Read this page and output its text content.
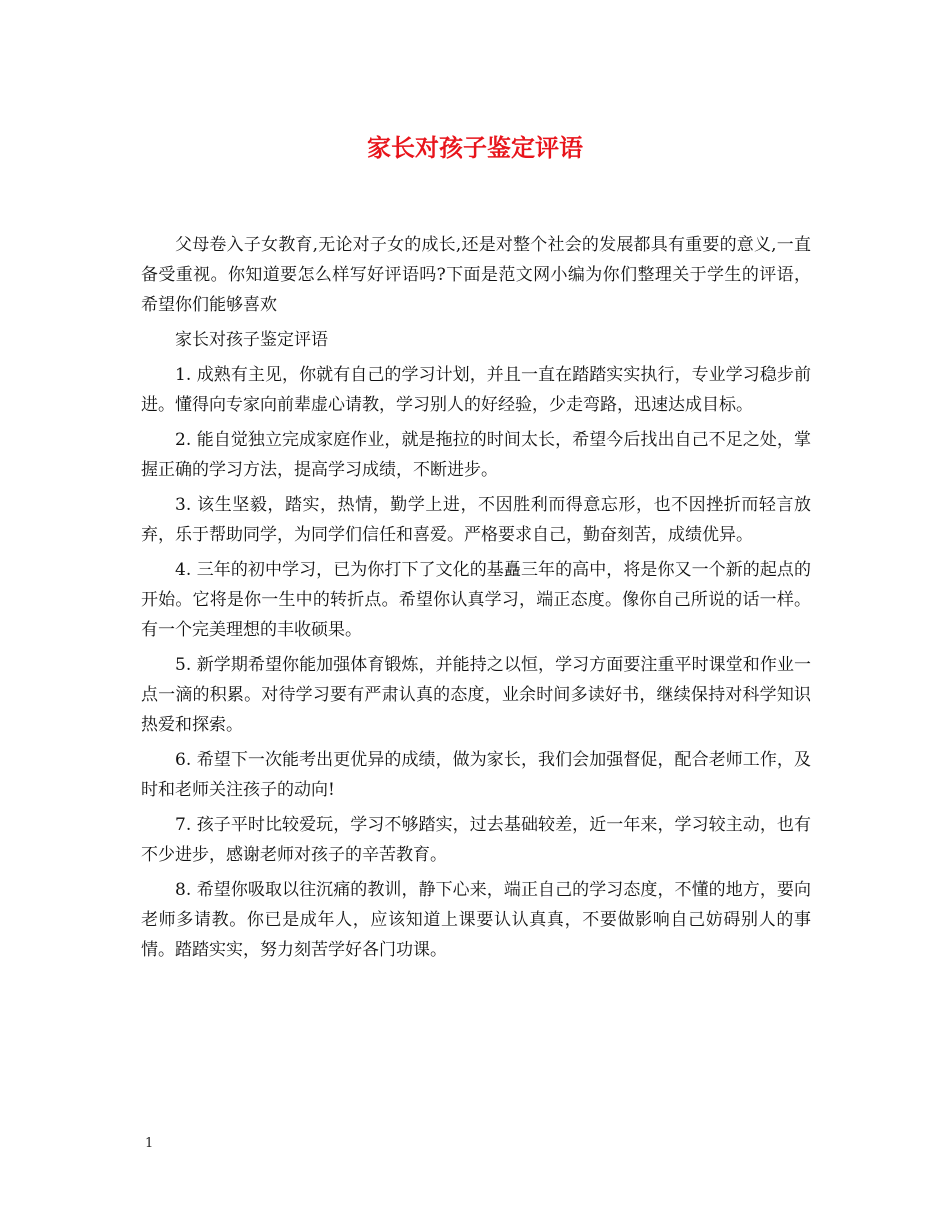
家长对孩子鉴定评语

父母卷入子女教育,无论对子女的成长,还是对整个社会的发展都具有重要的意义,一直备受重视。你知道要怎么样写好评语吗?下面是范文网小编为你们整理关于学生的评语，希望你们能够喜欢

家长对孩子鉴定评语

1. 成熟有主见，你就有自己的学习计划，并且一直在踏踏实实执行，专业学习稳步前进。懂得向专家向前辈虚心请教，学习别人的好经验，少走弯路，迅速达成目标。

2. 能自觉独立完成家庭作业，就是拖拉的时间太长，希望今后找出自己不足之处，掌握正确的学习方法，提高学习成绩，不断进步。

3. 该生坚毅，踏实，热情，勤学上进，不因胜利而得意忘形，也不因挫折而轻言放弃，乐于帮助同学，为同学们信任和喜爱。严格要求自己，勤奋刻苦，成绩优异。

4. 三年的初中学习，已为你打下了文化的基矗三年的高中，将是你又一个新的起点的开始。它将是你一生中的转折点。希望你认真学习，端正态度。像你自己所说的话一样。有一个完美理想的丰收硕果。

5. 新学期希望你能加强体育锻炼，并能持之以恒，学习方面要注重平时课堂和作业一点一滴的积累。对待学习要有严肃认真的态度，业余时间多读好书，继续保持对科学知识热爱和探索。

6. 希望下一次能考出更优异的成绩，做为家长，我们会加强督促，配合老师工作，及时和老师关注孩子的动向!

7. 孩子平时比较爱玩，学习不够踏实，过去基础较差，近一年来，学习较主动，也有不少进步，感谢老师对孩子的辛苦教育。

8. 希望你吸取以往沉痛的教训，静下心来，端正自己的学习态度，不懂的地方，要向老师多请教。你已是成年人，应该知道上课要认认真真，不要做影响自己妨碍别人的事情。踏踏实实，努力刻苦学好各门功课。

1
